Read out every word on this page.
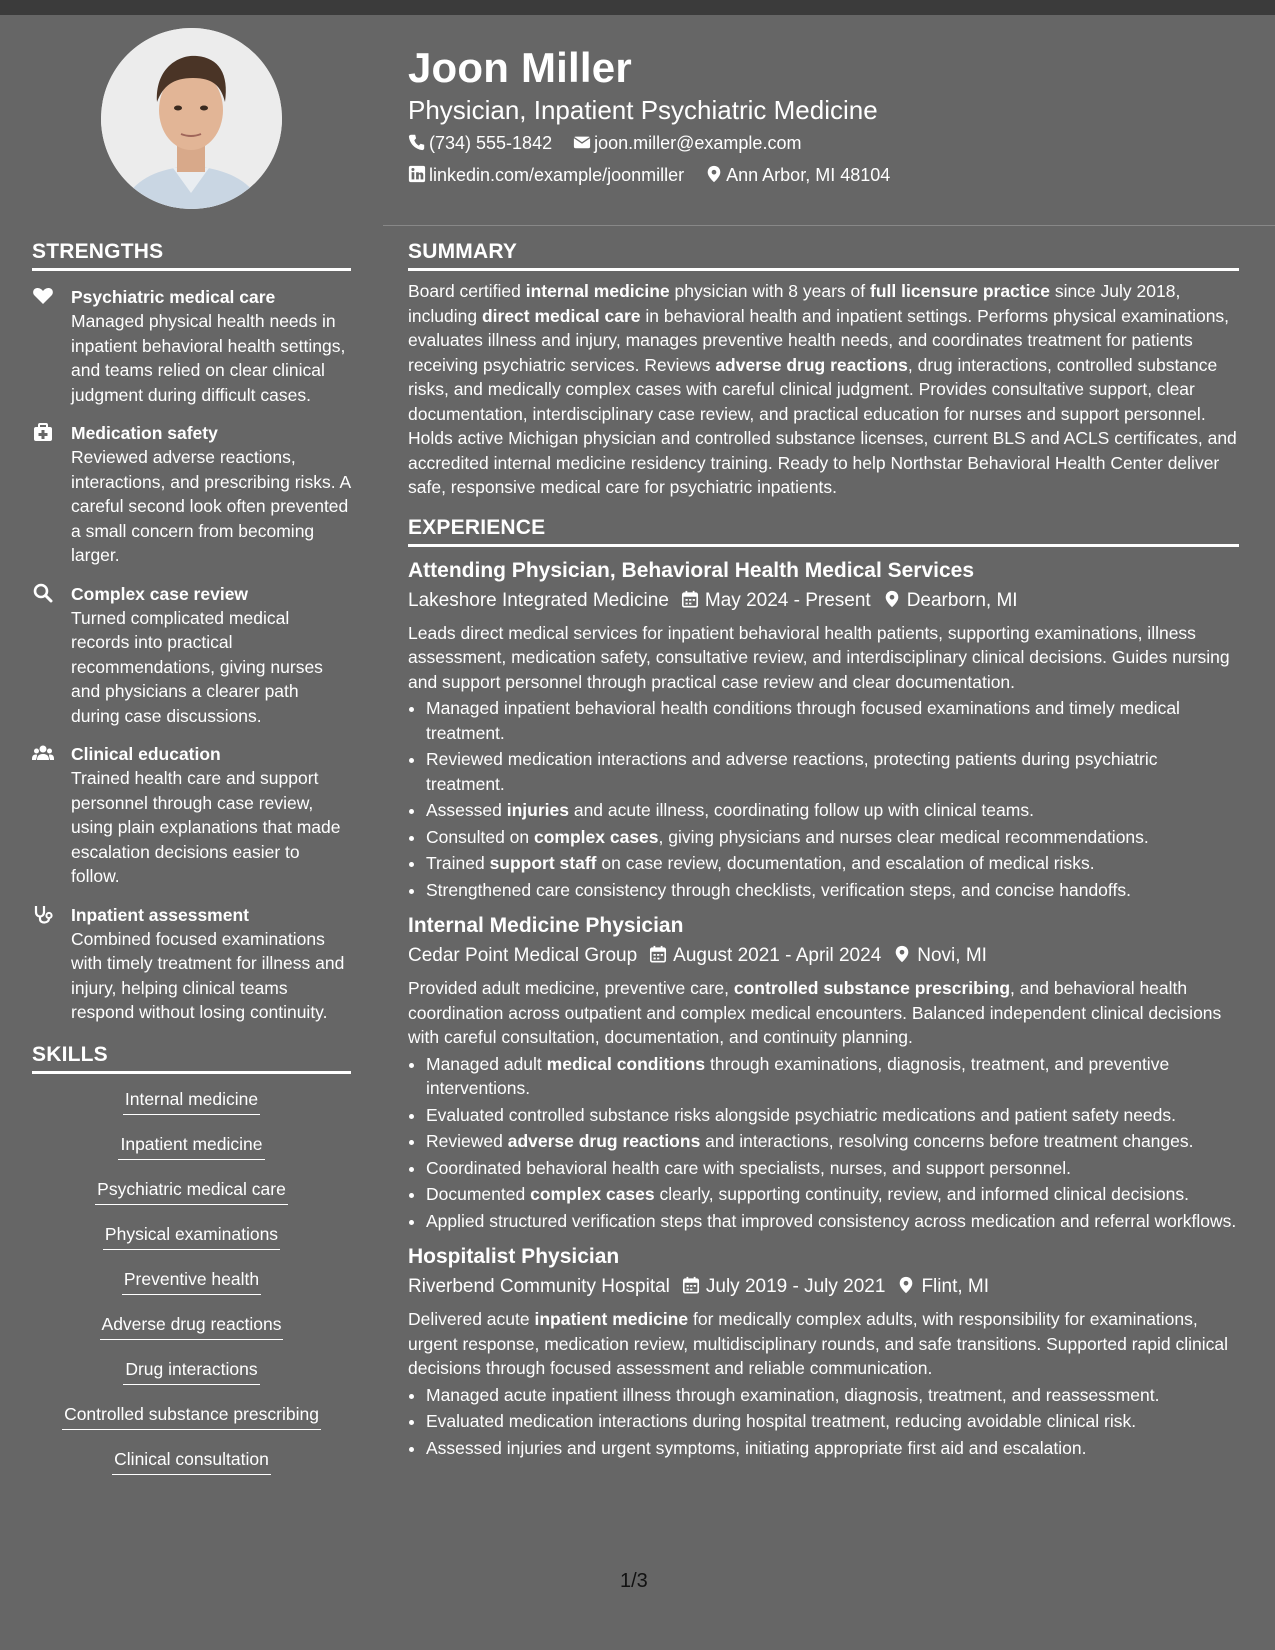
Joon Miller
Physician, Inpatient Psychiatric Medicine
(734) 555-1842 joon.miller@example.com
linkedin.com/example/joonmiller Ann Arbor, MI 48104
STRENGTHS
Psychiatric medical care
Managed physical health needs in inpatient behavioral health settings, and teams relied on clear clinical judgment during difficult cases.
Medication safety
Reviewed adverse reactions, interactions, and prescribing risks. A careful second look often prevented a small concern from becoming larger.
Complex case review
Turned complicated medical records into practical recommendations, giving nurses and physicians a clearer path during case discussions.
Clinical education
Trained health care and support personnel through case review, using plain explanations that made escalation decisions easier to follow.
Inpatient assessment
Combined focused examinations with timely treatment for illness and injury, helping clinical teams respond without losing continuity.
SKILLS
Internal medicine
Inpatient medicine
Psychiatric medical care
Physical examinations
Preventive health
Adverse drug reactions
Drug interactions
Controlled substance prescribing
Clinical consultation
SUMMARY
Board certified internal medicine physician with 8 years of full licensure practice since July 2018, including direct medical care in behavioral health and inpatient settings. Performs physical examinations, evaluates illness and injury, manages preventive health needs, and coordinates treatment for patients receiving psychiatric services. Reviews adverse drug reactions, drug interactions, controlled substance risks, and medically complex cases with careful clinical judgment. Provides consultative support, clear documentation, interdisciplinary case review, and practical education for nurses and support personnel. Holds active Michigan physician and controlled substance licenses, current BLS and ACLS certificates, and accredited internal medicine residency training. Ready to help Northstar Behavioral Health Center deliver safe, responsive medical care for psychiatric inpatients.
EXPERIENCE
Attending Physician, Behavioral Health Medical Services
Lakeshore Integrated Medicine May 2024 - Present Dearborn, MI
Leads direct medical services for inpatient behavioral health patients, supporting examinations, illness assessment, medication safety, consultative review, and interdisciplinary clinical decisions. Guides nursing and support personnel through practical case review and clear documentation.
• Managed inpatient behavioral health conditions through focused examinations and timely medical treatment.
• Reviewed medication interactions and adverse reactions, protecting patients during psychiatric treatment.
• Assessed injuries and acute illness, coordinating follow up with clinical teams.
• Consulted on complex cases, giving physicians and nurses clear medical recommendations.
• Trained support staff on case review, documentation, and escalation of medical risks.
• Strengthened care consistency through checklists, verification steps, and concise handoffs.
Internal Medicine Physician
Cedar Point Medical Group August 2021 - April 2024 Novi, MI
Provided adult medicine, preventive care, controlled substance prescribing, and behavioral health coordination across outpatient and complex medical encounters. Balanced independent clinical decisions with careful consultation, documentation, and continuity planning.
• Managed adult medical conditions through examinations, diagnosis, treatment, and preventive interventions.
• Evaluated controlled substance risks alongside psychiatric medications and patient safety needs.
• Reviewed adverse drug reactions and interactions, resolving concerns before treatment changes.
• Coordinated behavioral health care with specialists, nurses, and support personnel.
• Documented complex cases clearly, supporting continuity, review, and informed clinical decisions.
• Applied structured verification steps that improved consistency across medication and referral workflows.
Hospitalist Physician
Riverbend Community Hospital July 2019 - July 2021 Flint, MI
Delivered acute inpatient medicine for medically complex adults, with responsibility for examinations, urgent response, medication review, multidisciplinary rounds, and safe transitions. Supported rapid clinical decisions through focused assessment and reliable communication.
• Managed acute inpatient illness through examination, diagnosis, treatment, and reassessment.
• Evaluated medication interactions during hospital treatment, reducing avoidable clinical risk.
• Assessed injuries and urgent symptoms, initiating appropriate first aid and escalation.
1/3
